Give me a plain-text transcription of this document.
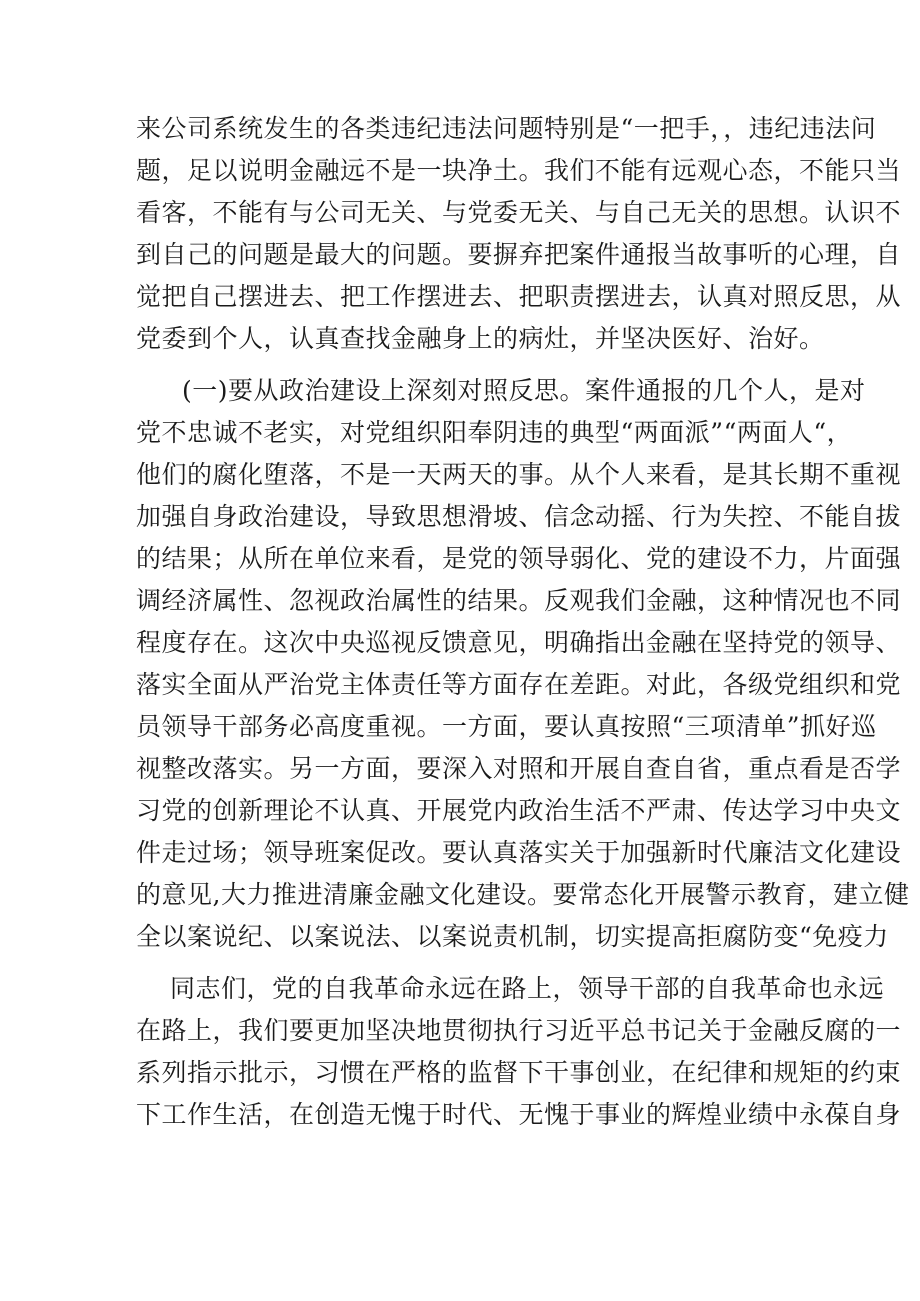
来公司系统发生的各类违纪违法问题特别是“一把手，，违纪违法问
题，足以说明金融远不是一块净土。我们不能有远观心态，不能只当
看客，不能有与公司无关、与党委无关、与自己无关的思想。认识不
到自己的问题是最大的问题。要摒弃把案件通报当故事听的心理，自
觉把自己摆进去、把工作摆进去、把职责摆进去，认真对照反思，从
党委到个人，认真查找金融身上的病灶，并坚决医好、治好。
(一)要从政治建设上深刻对照反思。案件通报的几个人，是对
党不忠诚不老实，对党组织阳奉阴违的典型“两面派”“两面人“，
他们的腐化堕落，不是一天两天的事。从个人来看，是其长期不重视
加强自身政治建设，导致思想滑坡、信念动摇、行为失控、不能自拔
的结果；从所在单位来看，是党的领导弱化、党的建设不力，片面强
调经济属性、忽视政治属性的结果。反观我们金融，这种情况也不同
程度存在。这次中央巡视反馈意见，明确指出金融在坚持党的领导、
落实全面从严治党主体责任等方面存在差距。对此，各级党组织和党
员领导干部务必高度重视。一方面，要认真按照“三项清单”抓好巡
视整改落实。另一方面，要深入对照和开展自查自省，重点看是否学
习党的创新理论不认真、开展党内政治生活不严肃、传达学习中央文
件走过场；领导班案促改。要认真落实关于加强新时代廉洁文化建设
的意见,大力推进清廉金融文化建设。要常态化开展警示教育，建立健
全以案说纪、以案说法、以案说责机制，切实提高拒腐防变“免疫力
同志们，党的自我革命永远在路上，领导干部的自我革命也永远
在路上，我们要更加坚决地贯彻执行习近平总书记关于金融反腐的一
系列指示批示，习惯在严格的监督下干事创业，在纪律和规矩的约束
下工作生活，在创造无愧于时代、无愧于事业的辉煌业绩中永葆自身
